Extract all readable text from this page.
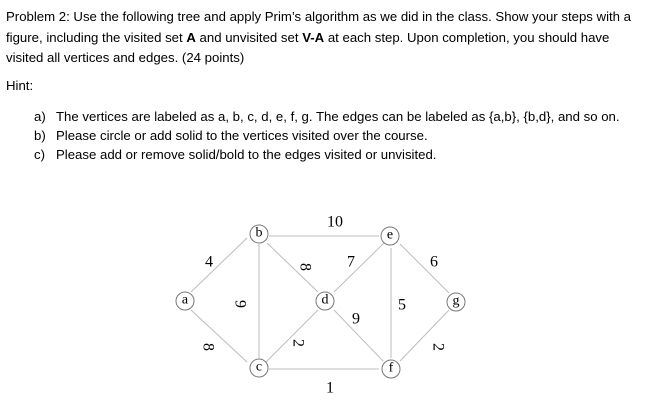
Problem 2: Use the following tree and apply Prim’s algorithm as we did in the class. Show your steps with a figure, including the visited set A and unvisited set V-A at each step. Upon completion, you should have visited all vertices and edges. (24 points)
Hint:
a) The vertices are labeled as a, b, c, d, e, f, g. The edges can be labeled as {a,b}, {b,d}, and so on.
b) Please circle or add solid to the vertices visited over the course.
c) Please add or remove solid/bold to the edges visited or unvisited.
a
b
c
d
e
f
g
4
8
9
10
8
2
1
7
9
5
6
2
